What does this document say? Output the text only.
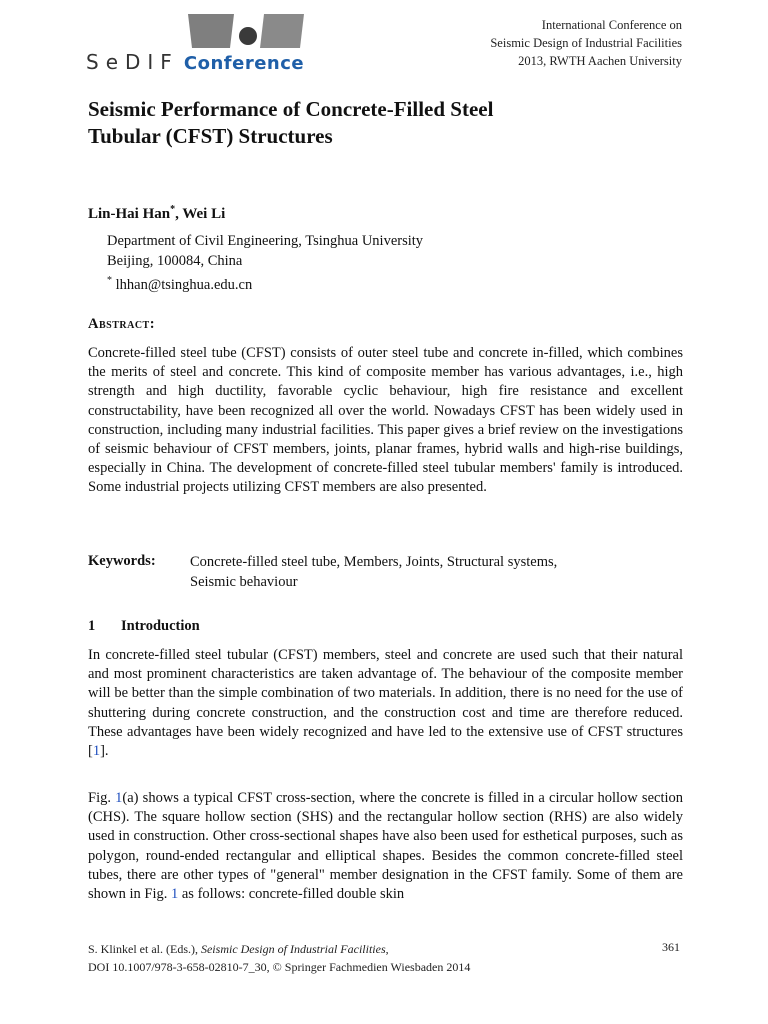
SeDIF Conference
International Conference on
Seismic Design of Industrial Facilities
2013, RWTH Aachen University
Seismic Performance of Concrete-Filled Steel
Tubular (CFST) Structures
Lin-Hai Han*, Wei Li
Department of Civil Engineering, Tsinghua University
Beijing, 100084, China
* lhhan@tsinghua.edu.cn
Abstract:
Concrete-filled steel tube (CFST) consists of outer steel tube and concrete in-filled, which combines the merits of steel and concrete. This kind of composite member has various advantages, i.e., high strength and high ductility, favorable cyclic behaviour, high fire resistance and excellent constructability, have been recognized all over the world. Nowadays CFST has been widely used in construction, including many industrial facilities. This paper gives a brief review on the investigations of seismic behaviour of CFST members, joints, planar frames, hybrid walls and high-rise buildings, especially in China. The development of concrete-filled steel tubular members' family is introduced. Some industrial projects utilizing CFST members are also presented.
Keywords: Concrete-filled steel tube, Members, Joints, Structural systems,
Seismic behaviour
1 Introduction
In concrete-filled steel tubular (CFST) members, steel and concrete are used such that their natural and most prominent characteristics are taken advantage of. The behaviour of the composite member will be better than the simple combination of two materials. In addition, there is no need for the use of shuttering during concrete construction, and the construction cost and time are therefore reduced. These advantages have been widely recognized and have led to the extensive use of CFST structures [1].
Fig. 1(a) shows a typical CFST cross-section, where the concrete is filled in a circular hollow section (CHS). The square hollow section (SHS) and the rectangular hollow section (RHS) are also widely used in construction. Other cross-sectional shapes have also been used for esthetical purposes, such as polygon, round-ended rectangular and elliptical shapes. Besides the common concrete-filled steel tubes, there are other types of "general" member designation in the CFST family. Some of them are shown in Fig. 1 as follows: concrete-filled double skin
S. Klinkel et al. (Eds.), Seismic Design of Industrial Facilities,
DOI 10.1007/978-3-658-02810-7_30, © Springer Fachmedien Wiesbaden 2014
361
